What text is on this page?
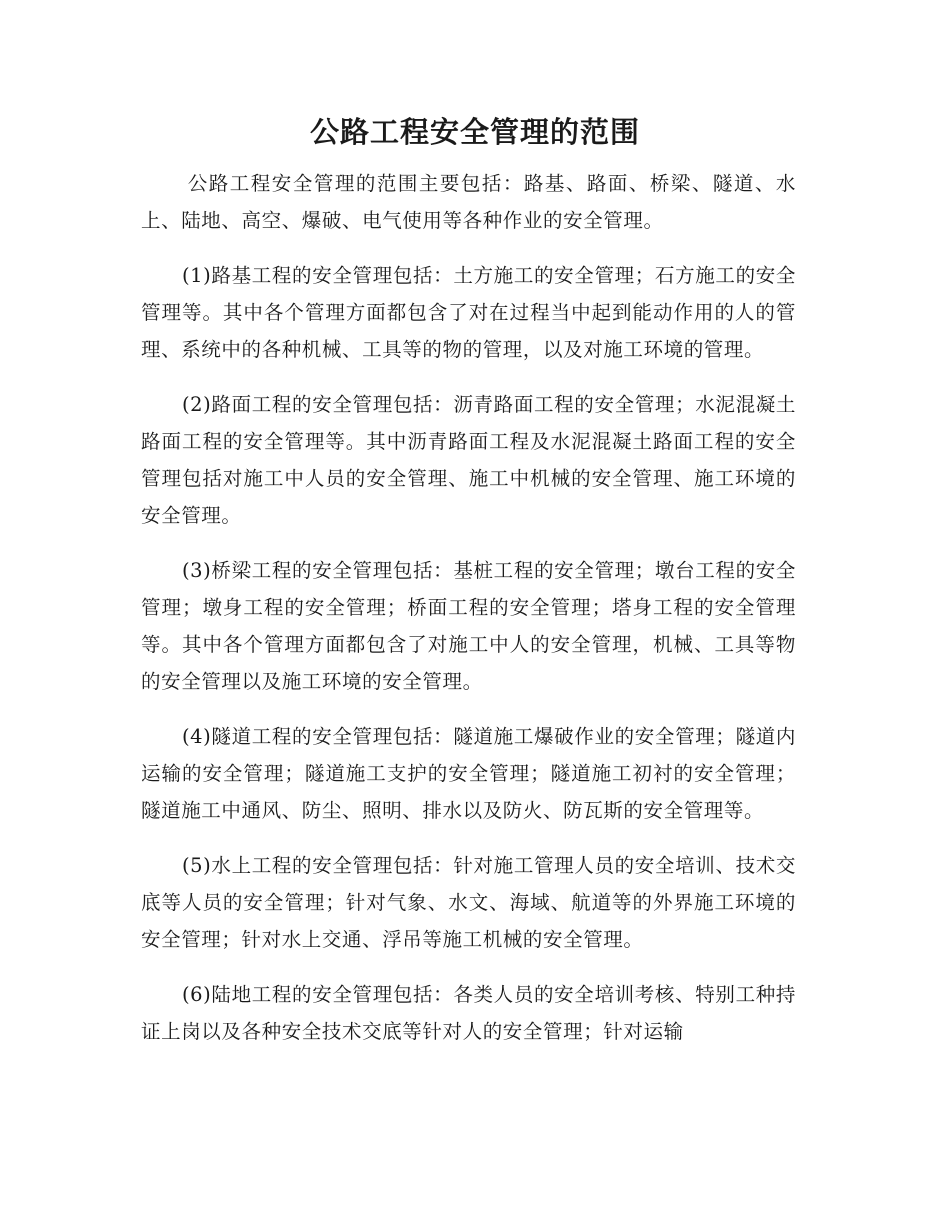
公路工程安全管理的范围

公路工程安全管理的范围主要包括：路基、路面、桥梁、隧道、水上、陆地、高空、爆破、电气使用等各种作业的安全管理。

(1)路基工程的安全管理包括：土方施工的安全管理；石方施工的安全管理等。其中各个管理方面都包含了对在过程当中起到能动作用的人的管理、系统中的各种机械、工具等的物的管理，以及对施工环境的管理。

(2)路面工程的安全管理包括：沥青路面工程的安全管理；水泥混凝土路面工程的安全管理等。其中沥青路面工程及水泥混凝土路面工程的安全管理包括对施工中人员的安全管理、施工中机械的安全管理、施工环境的安全管理。

(3)桥梁工程的安全管理包括：基桩工程的安全管理；墩台工程的安全管理；墩身工程的安全管理；桥面工程的安全管理；塔身工程的安全管理等。其中各个管理方面都包含了对施工中人的安全管理，机械、工具等物的安全管理以及施工环境的安全管理。

(4)隧道工程的安全管理包括：隧道施工爆破作业的安全管理；隧道内运输的安全管理；隧道施工支护的安全管理；隧道施工初衬的安全管理；隧道施工中通风、防尘、照明、排水以及防火、防瓦斯的安全管理等。

(5)水上工程的安全管理包括：针对施工管理人员的安全培训、技术交底等人员的安全管理；针对气象、水文、海域、航道等的外界施工环境的安全管理；针对水上交通、浮吊等施工机械的安全管理。

(6)陆地工程的安全管理包括：各类人员的安全培训考核、特别工种持证上岗以及各种安全技术交底等针对人的安全管理；针对运输
